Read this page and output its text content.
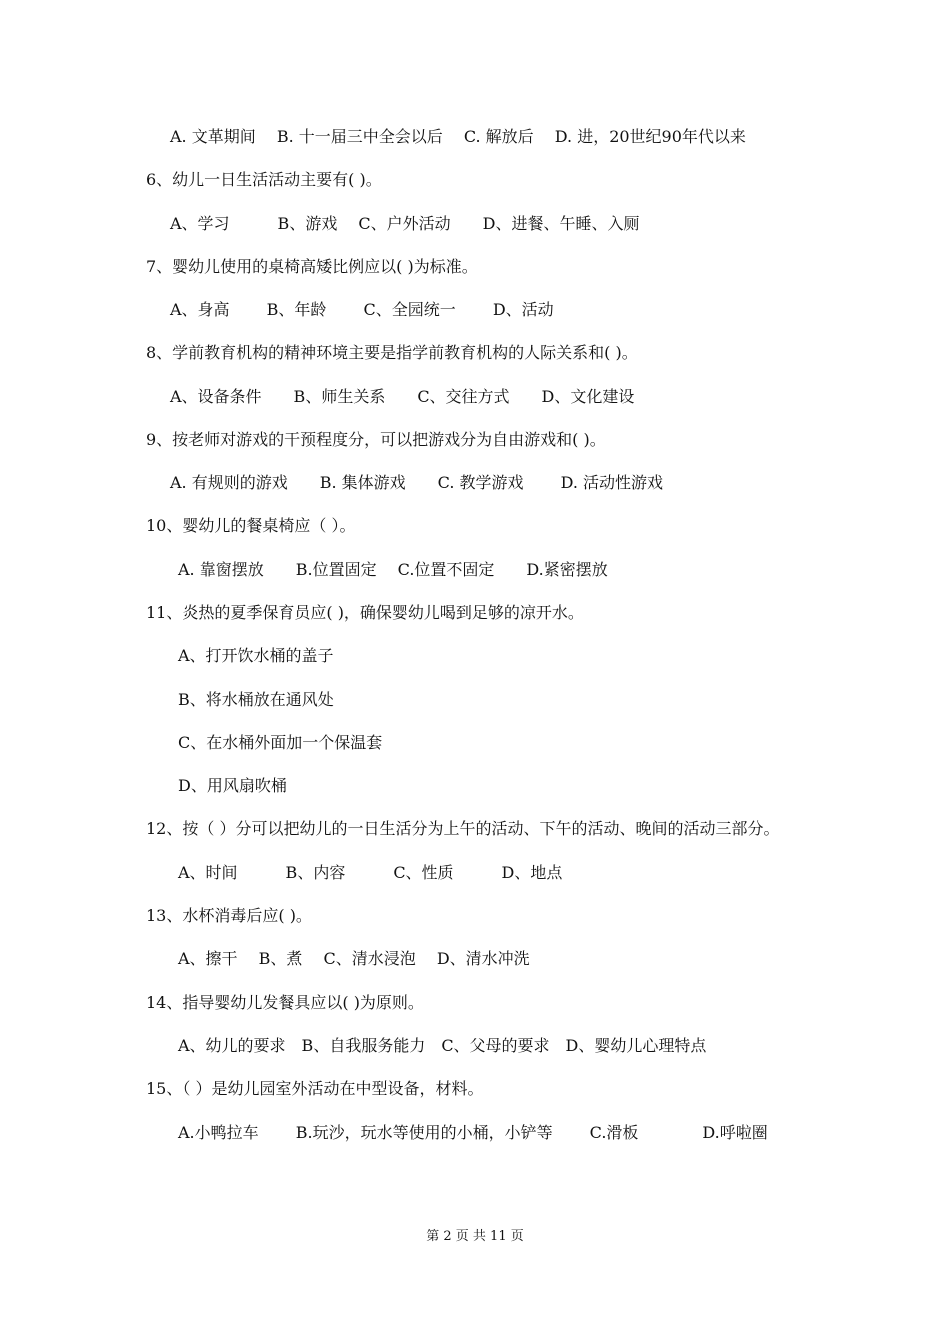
A. 文革期间　 B. 十一届三中全会以后　 C. 解放后　 D. 进，20世纪90年代以来
6、幼儿一日生活活动主要有( )。
A、学习　　　B、游戏　 C、户外活动　　D、进餐、午睡、入厕
7、婴幼儿使用的桌椅高矮比例应以( )为标准。
A、身高　　 B、年龄　　 C、全园统一　　 D、活动
8、学前教育机构的精神环境主要是指学前教育机构的人际关系和( )。
A、设备条件　　B、师生关系　　C、交往方式　　D、文化建设
9、按老师对游戏的干预程度分，可以把游戏分为自由游戏和( )。
A. 有规则的游戏　　B. 集体游戏　　C. 教学游戏　　 D. 活动性游戏
10、婴幼儿的餐桌椅应（ ）。
A. 靠窗摆放　　B.位置固定　 C.位置不固定　　D.紧密摆放
11、炎热的夏季保育员应( )，确保婴幼儿喝到足够的凉开水。
A、打开饮水桶的盖子
B、将水桶放在通风处
C、在水桶外面加一个保温套
D、用风扇吹桶
12、按（ ）分可以把幼儿的一日生活分为上午的活动、下午的活动、晚间的活动三部分。
A、时间　　　B、内容　　　C、性质　　　D、地点
13、水杯消毒后应( )。
A、擦干　 B、煮　 C、清水浸泡　 D、清水冲洗
14、指导婴幼儿发餐具应以( )为原则。
A、幼儿的要求　B、自我服务能力　C、父母的要求　D、婴幼儿心理特点
15、（ ）是幼儿园室外活动在中型设备，材料。
A.小鸭拉车　　 B.玩沙，玩水等使用的小桶，小铲等　　 C.滑板　　　　D.呼啦圈
第 2 页 共 11 页
